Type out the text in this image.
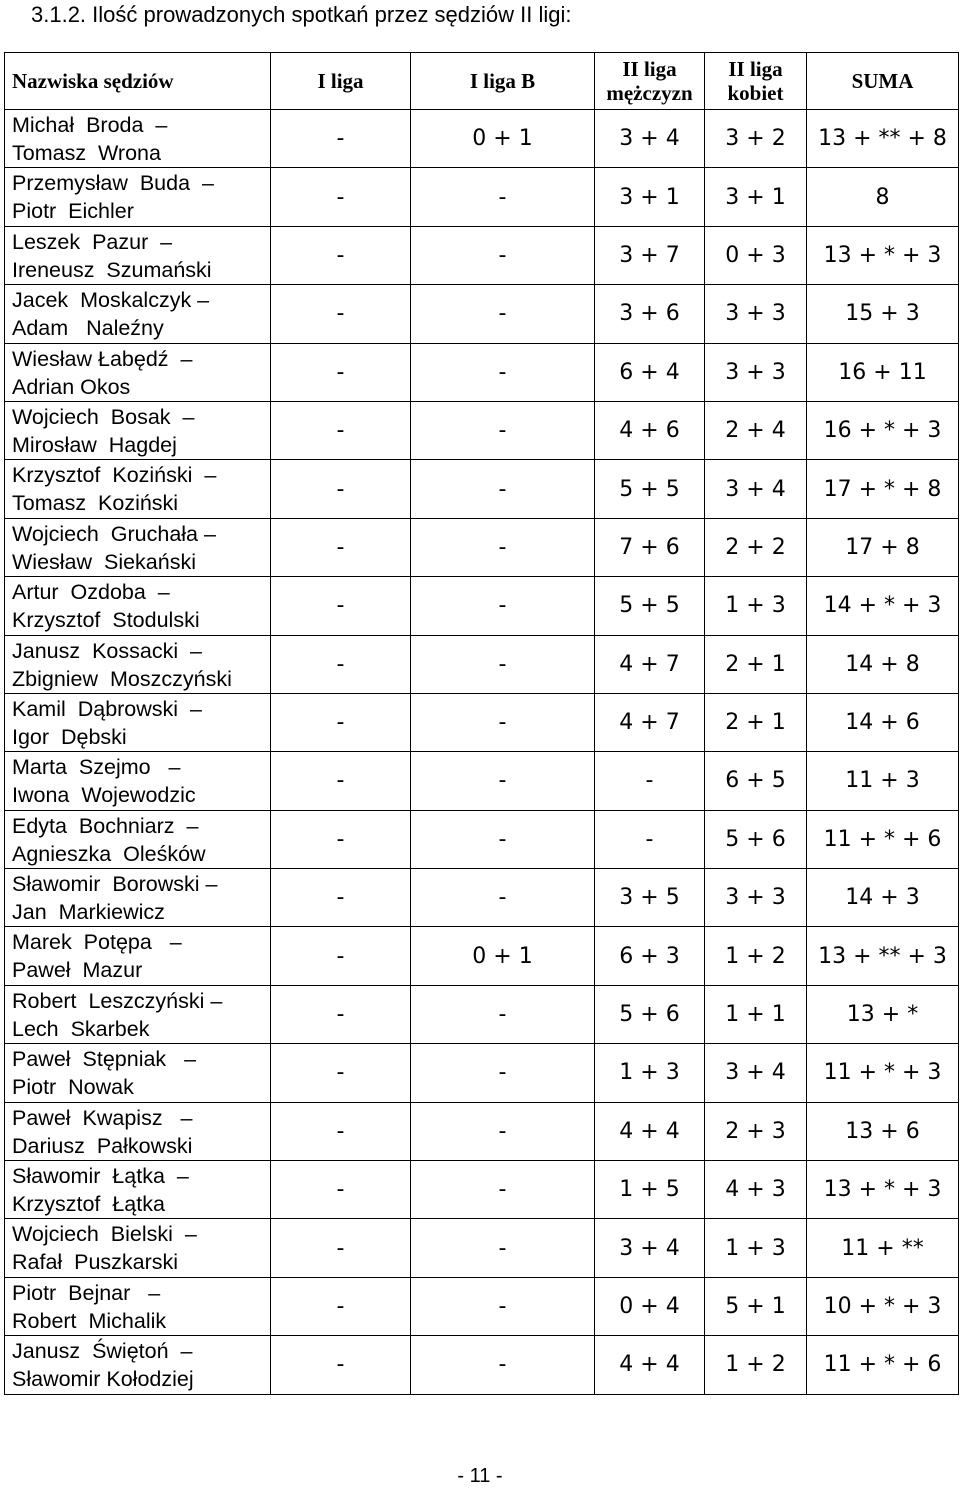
3.1.2. Ilość prowadzonych spotkań przez sędziów II ligi:
Nazwiska sędziów	I liga	I liga B	II liga
mężczyzn	II liga
kobiet	SUMA

Michał  Broda  –
Tomasz  Wrona	-	0 + 1	3 + 4	3 + 2	13 + ** + 8

Przemysław  Buda  –
Piotr  Eichler	-	-	3 + 1	3 + 1	8

Leszek  Pazur  –
Ireneusz  Szumański	-	-	3 + 7	0 + 3	13 + * + 3

Jacek  Moskalczyk –
Adam   Naleźny	-	-	3 + 6	3 + 3	15 + 3

Wiesław Łabędź  –
Adrian Okos	-	-	6 + 4	3 + 3	16 + 11

Wojciech  Bosak  –
Mirosław  Hagdej	-	-	4 + 6	2 + 4	16 + * + 3

Krzysztof  Koziński  –
Tomasz  Koziński	-	-	5 + 5	3 + 4	17 + * + 8

Wojciech  Gruchała –
Wiesław  Siekański	-	-	7 + 6	2 + 2	17 + 8

Artur  Ozdoba  –
Krzysztof  Stodulski	-	-	5 + 5	1 + 3	14 + * + 3

Janusz  Kossacki  –
Zbigniew  Moszczyński	-	-	4 + 7	2 + 1	14 + 8

Kamil  Dąbrowski  –
Igor  Dębski	-	-	4 + 7	2 + 1	14 + 6

Marta  Szejmo   –
Iwona  Wojewodzic	-	-	-	6 + 5	11 + 3

Edyta  Bochniarz  –
Agnieszka  Oleśków	-	-	-	5 + 6	11 + * + 6

Sławomir  Borowski –
Jan  Markiewicz	-	-	3 + 5	3 + 3	14 + 3

Marek  Potępa   –
Paweł  Mazur	-	0 + 1	6 + 3	1 + 2	13 + ** + 3

Robert  Leszczyński –
Lech  Skarbek	-	-	5 + 6	1 + 1	13 + *

Paweł  Stępniak   –
Piotr  Nowak	-	-	1 + 3	3 + 4	11 + * + 3

Paweł  Kwapisz   –
Dariusz  Pałkowski	-	-	4 + 4	2 + 3	13 + 6

Sławomir  Łątka  –
Krzysztof  Łątka	-	-	1 + 5	4 + 3	13 + * + 3

Wojciech  Bielski  –
Rafał  Puszkarski	-	-	3 + 4	1 + 3	11 + **

Piotr  Bejnar   –
Robert  Michalik	-	-	0 + 4	5 + 1	10 + * + 3

Janusz  Świętoń  –
Sławomir Kołodziej	-	-	4 + 4	1 + 2	11 + * + 6
- 11 -
